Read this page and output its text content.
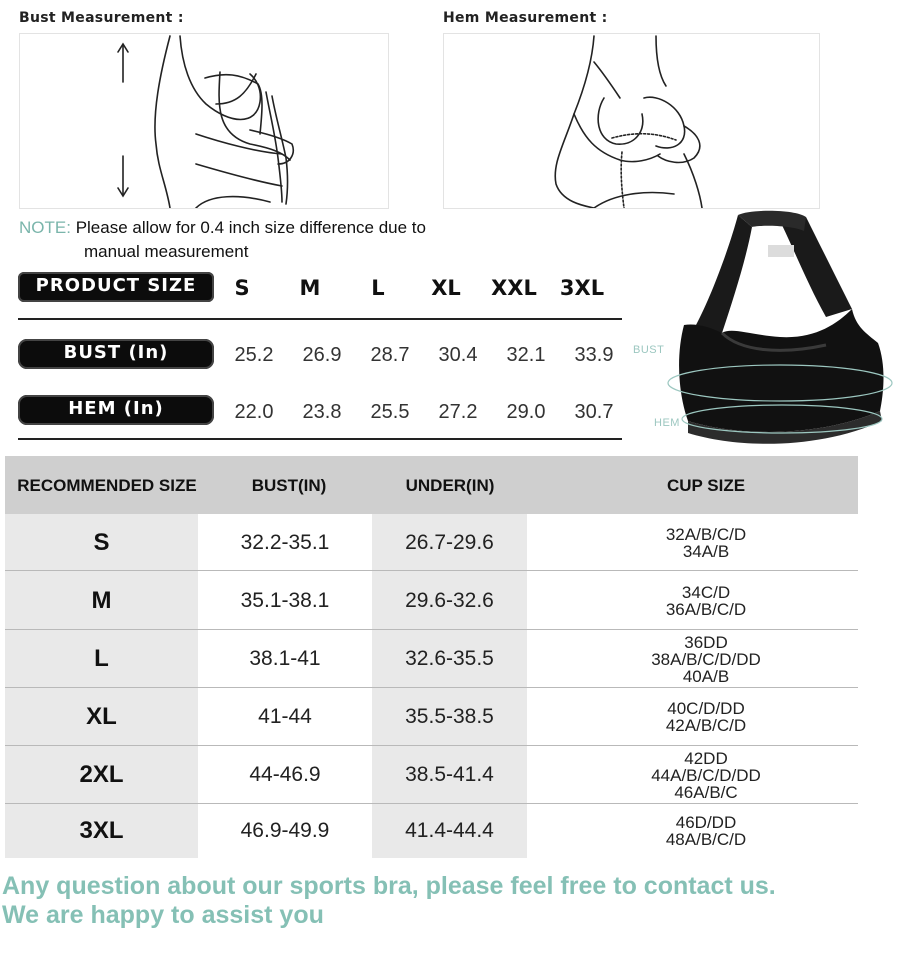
Bust Measurement :	Hem Measurement :
NOTE: Please allow for 0.4 inch size difference due to
manual measurement
PRODUCT SIZE	S	M	L	XL	XXL	3XL
BUST (In)	25.2	26.9	28.7	30.4	32.1	33.9
HEM (In)	22.0	23.8	25.5	27.2	29.0	30.7
BUST
HEM
RECOMMENDED SIZE	BUST(IN)	UNDER(IN)	CUP SIZE
S	32.2-35.1	26.7-29.6	32A/B/C/D
34A/B
M	35.1-38.1	29.6-32.6	34C/D
36A/B/C/D
L	38.1-41	32.6-35.5
36DD
38A/B/C/D/DD
40A/B
XL	41-44	35.5-38.5	40C/D/DD
42A/B/C/D
2XL	44-46.9	38.5-41.4
42DD
44A/B/C/D/DD
46A/B/C
3XL	46.9-49.9	41.4-44.4	46D/DD
48A/B/C/D
Any question about our sports bra, please feel free to contact us.
We are happy to assist you
